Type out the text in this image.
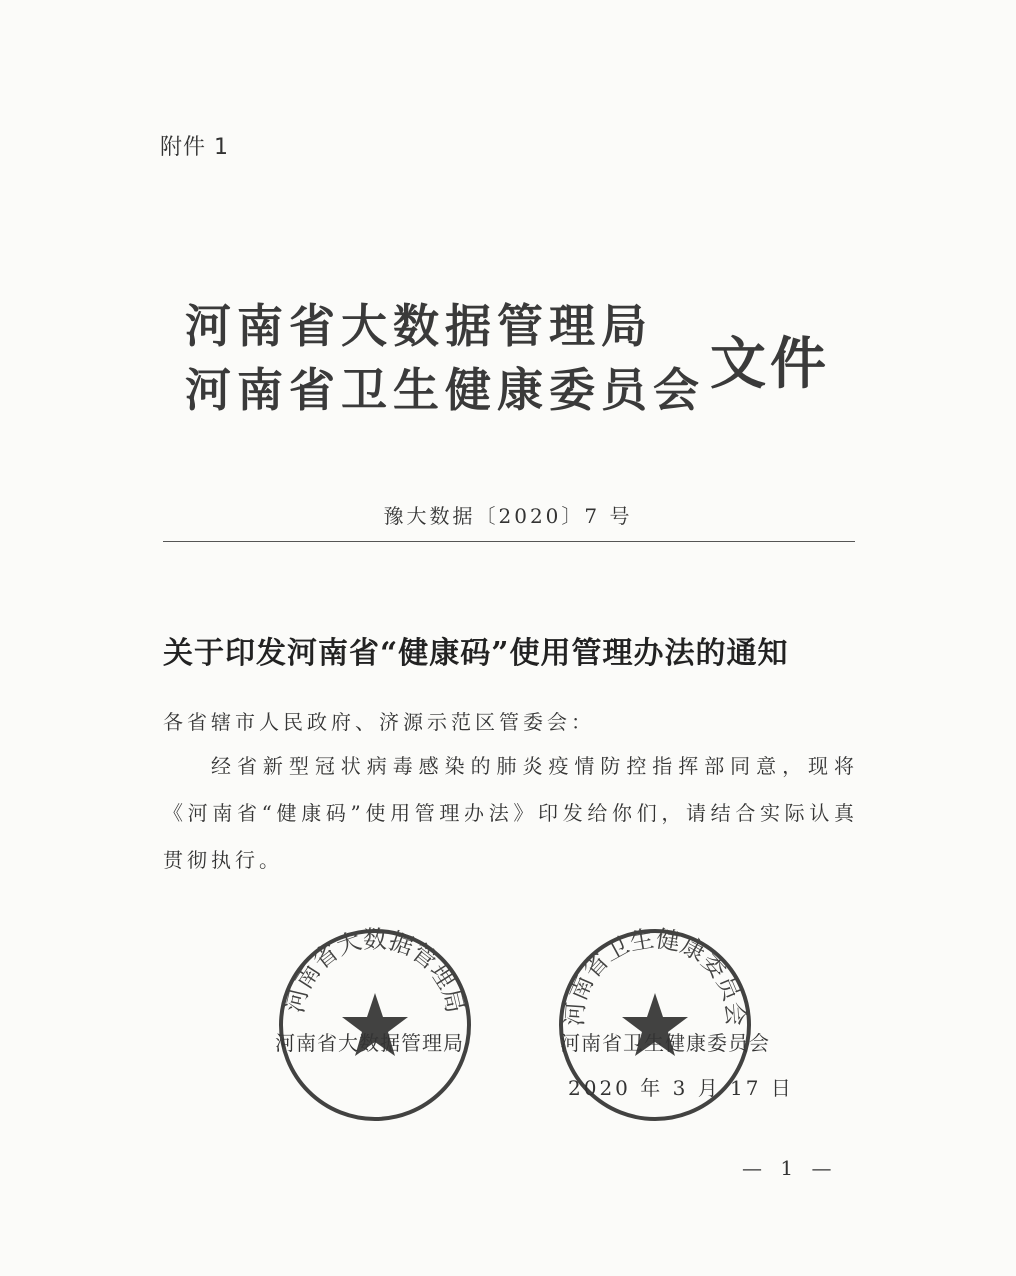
附件 1
河南省大数据管理局
河南省卫生健康委员会 文件
豫大数据〔2020〕7 号
关于印发河南省“健康码”使用管理办法的通知
各省辖市人民政府、济源示范区管委会：
经省新型冠状病毒感染的肺炎疫情防控指挥部同意，现将《河南省“健康码”使用管理办法》印发给你们，请结合实际认真贯彻执行。
河南省大数据管理局	河南省卫生健康委员会
河南省大数据管理局	河南省卫生健康委员会
2020 年 3 月 17 日
— 1 —
